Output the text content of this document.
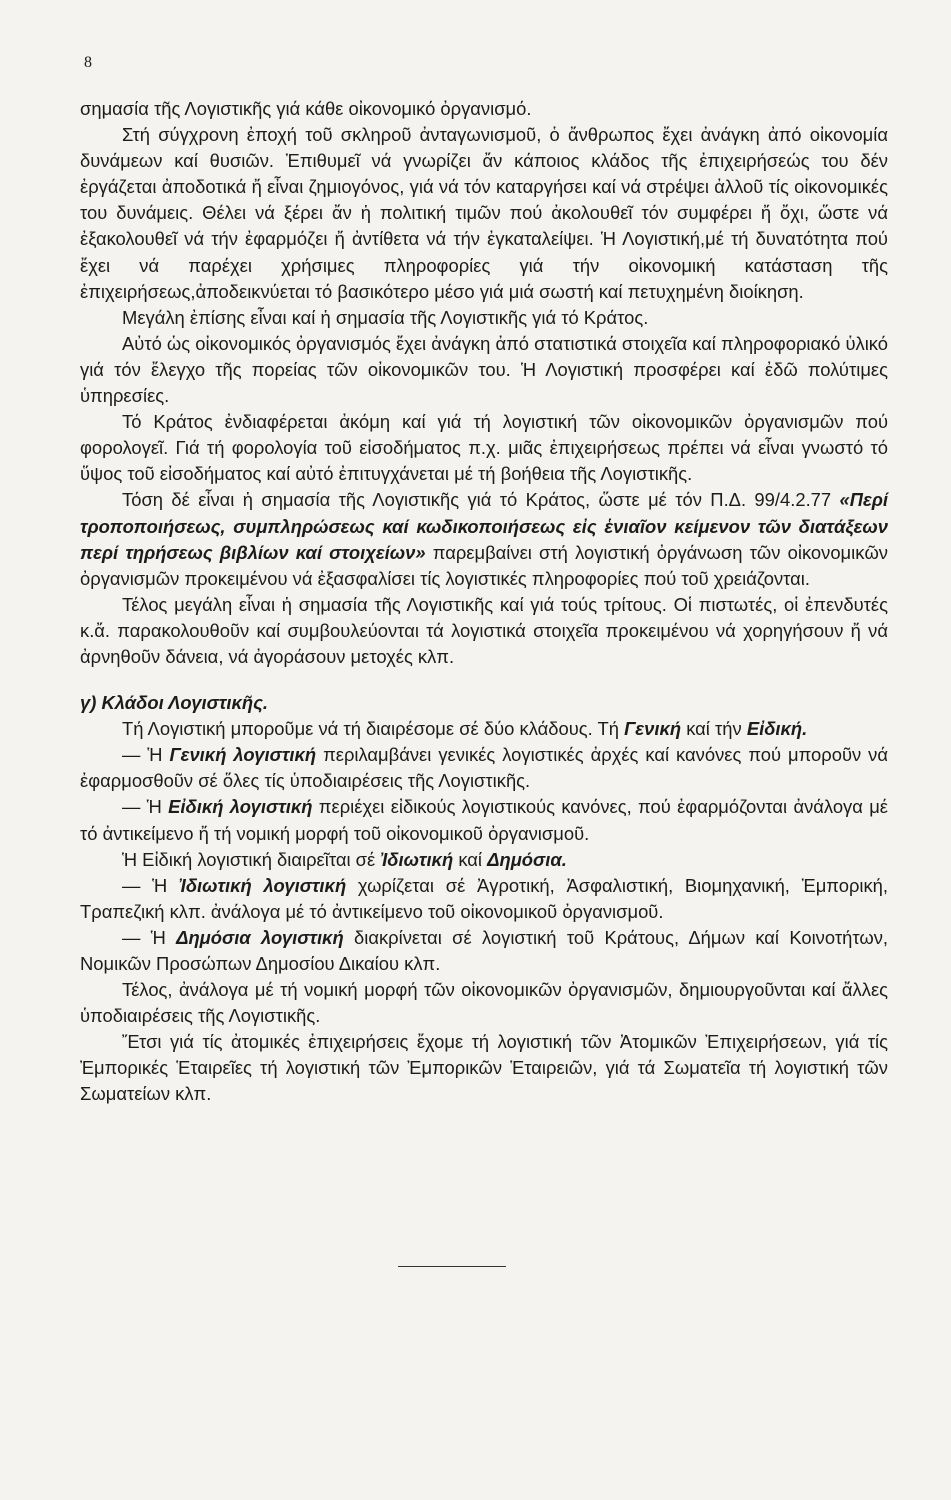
8

σημασία τῆς Λογιστικῆς γιά κάθε οἰκονομικό ὀργανισμό.

Στή σύγχρονη ἐποχή τοῦ σκληροῦ ἀνταγωνισμοῦ, ὁ ἄνθρωπος ἔχει ἀνάγκη ἀπό οἰκονομία δυνάμεων καί θυσιῶν. Ἐπιθυμεῖ νά γνωρίζει ἄν κάποιος κλάδος τῆς ἐπιχειρήσεώς του δέν ἐργάζεται ἀποδοτικά ἤ εἶναι ζημιογόνος, γιά νά τόν καταργήσει καί νά στρέψει ἀλλοῦ τίς οἰκονομικές του δυνάμεις. Θέλει νά ξέρει ἄν ἡ πολιτική τιμῶν πού ἀκολουθεῖ τόν συμφέρει ἤ ὄχι, ὥστε νά ἐξακολουθεῖ νά τήν ἐφαρμόζει ἤ ἀντίθετα νά τήν ἐγκαταλείψει. Ἡ Λογιστική,μέ τή δυνατότητα πού ἔχει νά παρέχει χρήσιμες πληροφορίες γιά τήν οἰκονομική κατάσταση τῆς ἐπιχειρήσεως,ἀποδεικνύεται τό βασικότερο μέσο γιά μιά σωστή καί πετυχημένη διοίκηση.

Μεγάλη ἐπίσης εἶναι καί ἡ σημασία τῆς Λογιστικῆς γιά τό Κράτος.

Αὐτό ὡς οἰκονομικός ὀργανισμός ἔχει ἀνάγκη ἀπό στατιστικά στοιχεῖα καί πληροφοριακό ὑλικό γιά τόν ἔλεγχο τῆς πορείας τῶν οἰκονομικῶν του. Ἡ Λογιστική προσφέρει καί ἐδῶ πολύτιμες ὑπηρεσίες.

Τό Κράτος ἐνδιαφέρεται ἀκόμη καί γιά τή λογιστική τῶν οἰκονομικῶν ὀργανισμῶν πού φορολογεῖ. Γιά τή φορολογία τοῦ εἰσοδήματος π.χ. μιᾶς ἐπιχειρήσεως πρέπει νά εἶναι γνωστό τό ὕψος τοῦ εἰσοδήματος καί αὐτό ἐπιτυγχάνεται μέ τή βοήθεια τῆς Λογιστικῆς.

Τόση δέ εἶναι ἡ σημασία τῆς Λογιστικῆς γιά τό Κράτος, ὥστε μέ τόν Π.Δ. 99/4.2.77 «Περί τροποποιήσεως, συμπληρώσεως καί κωδικοποιήσεως εἰς ἑνιαῖον κείμενον τῶν διατάξεων περί τηρήσεως βιβλίων καί στοιχείων» παρεμβαίνει στή λογιστική ὀργάνωση τῶν οἰκονομικῶν ὀργανισμῶν προκειμένου νά ἐξασφαλίσει τίς λογιστικές πληροφορίες πού τοῦ χρειάζονται.

Τέλος μεγάλη εἶναι ἡ σημασία τῆς Λογιστικῆς καί γιά τούς τρίτους. Οἱ πιστωτές, οἱ ἐπενδυτές κ.ἄ. παρακολουθοῦν καί συμβουλεύονται τά λογιστικά στοιχεῖα προκειμένου νά χορηγήσουν ἤ νά ἀρνηθοῦν δάνεια, νά ἀγοράσουν μετοχές κλπ.

γ) Κλάδοι Λογιστικῆς.

Τή Λογιστική μποροῦμε νά τή διαιρέσομε σέ δύο κλάδους. Τή Γενική καί τήν Εἰδική.

— Ἡ Γενική λογιστική περιλαμβάνει γενικές λογιστικές ἀρχές καί κανόνες πού μποροῦν νά ἐφαρμοσθοῦν σέ ὅλες τίς ὑποδιαιρέσεις τῆς Λογιστικῆς.

— Ἡ Εἰδική λογιστική περιέχει εἰδικούς λογιστικούς κανόνες, πού ἐφαρμόζονται ἀνάλογα μέ τό ἀντικείμενο ἤ τή νομική μορφή τοῦ οἰκονομικοῦ ὀργανισμοῦ.

Ἡ Εἰδική λογιστική διαιρεῖται σέ Ἰδιωτική καί Δημόσια.

— Ἡ Ἰδιωτική λογιστική χωρίζεται σέ Ἀγροτική, Ἀσφαλιστική, Βιομηχανική, Ἐμπορική, Τραπεζική κλπ. ἀνάλογα μέ τό ἀντικείμενο τοῦ οἰκονομικοῦ ὀργανισμοῦ.

— Ἡ Δημόσια λογιστική διακρίνεται σέ λογιστική τοῦ Κράτους, Δήμων καί Κοινοτήτων, Νομικῶν Προσώπων Δημοσίου Δικαίου κλπ.

Τέλος, ἀνάλογα μέ τή νομική μορφή τῶν οἰκονομικῶν ὀργανισμῶν, δημιουργοῦνται καί ἄλλες ὑποδιαιρέσεις τῆς Λογιστικῆς.

Ἔτσι γιά τίς ἀτομικές ἐπιχειρήσεις ἔχομε τή λογιστική τῶν Ἀτομικῶν Ἐπιχειρήσεων, γιά τίς Ἐμπορικές Ἑταιρεῖες τή λογιστική τῶν Ἐμπορικῶν Ἑταιρειῶν, γιά τά Σωματεῖα τή λογιστική τῶν Σωματείων κλπ.
